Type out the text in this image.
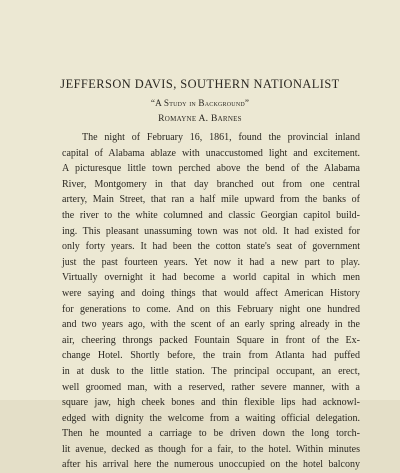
JEFFERSON DAVIS, SOUTHERN NATIONALIST
“A Study in Background”
Romayne A. Barnes
The night of February 16, 1861, found the provincial inland
capital of Alabama ablaze with unaccustomed light and excitement.
A picturesque little town perched above the bend of the Alabama
River, Montgomery in that day branched out from one central
artery, Main Street, that ran a half mile upward from the banks of
the river to the white columned and classic Georgian capitol build-
ing. This pleasant unassuming town was not old. It had existed for
only forty years. It had been the cotton state's seat of government
just the past fourteen years. Yet now it had a new part to play.
Virtually overnight it had become a world capital in which men
were saying and doing things that would affect American History
for generations to come. And on this February night one hundred
and two years ago, with the scent of an early spring already in the
air, cheering throngs packed Fountain Square in front of the Ex-
change Hotel. Shortly before, the train from Atlanta had puffed
in at dusk to the little station. The principal occupant, an erect,
well groomed man, with a reserved, rather severe manner, with a
square jaw, high cheek bones and thin flexible lips had acknowl-
edged with dignity the welcome from a waiting official delegation.
Then he mounted a carriage to be driven down the long torch-
lit avenue, decked as though for a fair, to the hotel. Within minutes
after his arrival here the numerous unoccupied on the hotel balcony
